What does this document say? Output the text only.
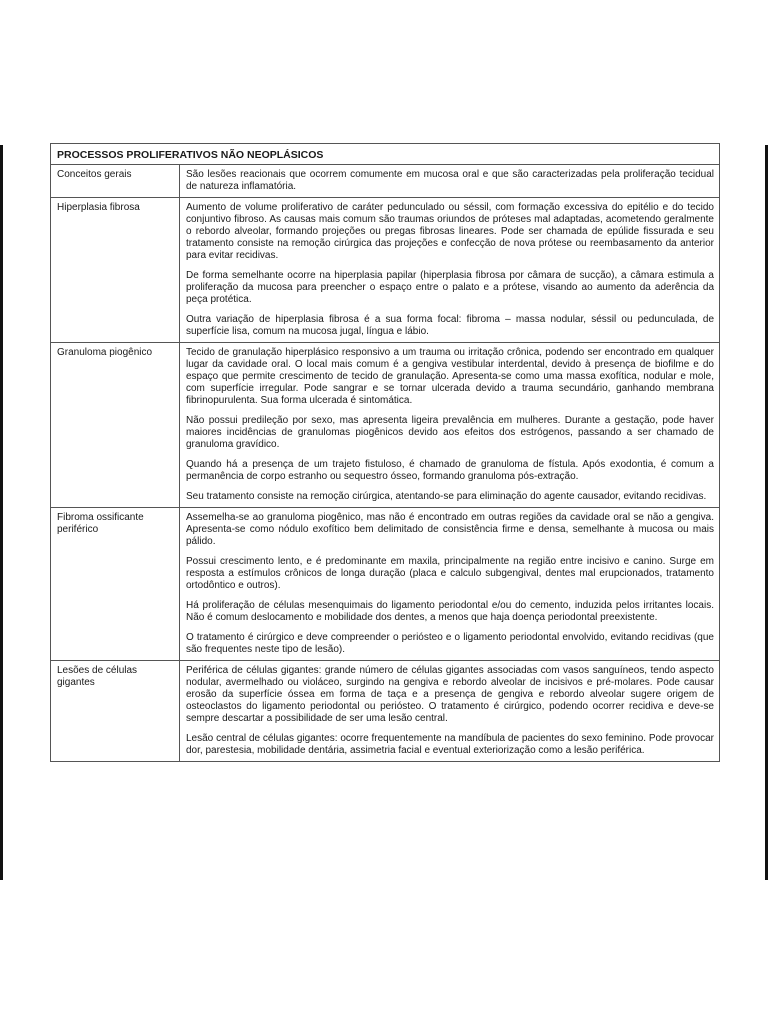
PROCESSOS PROLIFERATIVOS NÃO NEOPLÁSICOS	
Conceitos gerais	São lesões reacionais que ocorrem comumente em mucosa oral e que são caracterizadas pela proliferação tecidual de natureza inflamatória.

Hiperplasia fibrosa	Aumento de volume proliferativo de caráter pedunculado ou séssil, com formação excessiva do epitélio e do tecido conjuntivo fibroso. As causas mais comum são traumas oriundos de próteses mal adaptadas, acometendo geralmente o rebordo alveolar, formando projeções ou pregas fibrosas lineares. Pode ser chamada de epúlide fissurada e seu tratamento consiste na remoção cirúrgica das projeções e confecção de nova prótese ou reembasamento da anterior para evitar recidivas.

De forma semelhante ocorre na hiperplasia papilar (hiperplasia fibrosa por câmara de sucção), a câmara estimula a proliferação da mucosa para preencher o espaço entre o palato e a prótese, visando ao aumento da aderência da peça protética.

Outra variação de hiperplasia fibrosa é a sua forma focal: fibroma – massa nodular, séssil ou pedunculada, de superfície lisa, comum na mucosa jugal, língua e lábio.

Granuloma piogênico	Tecido de granulação hiperplásico responsivo a um trauma ou irritação crônica, podendo ser encontrado em qualquer lugar da cavidade oral. O local mais comum é a gengiva vestibular interdental, devido à presença de biofilme e do espaço que permite crescimento de tecido de granulação. Apresenta-se como uma massa exofítica, nodular e mole, com superfície irregular. Pode sangrar e se tornar ulcerada devido a trauma secundário, ganhando membrana fibrinopurulenta. Sua forma ulcerada é sintomática.

Não possui predileção por sexo, mas apresenta ligeira prevalência em mulheres. Durante a gestação, pode haver maiores incidências de granulomas piogênicos devido aos efeitos dos estrógenos, passando a ser chamado de granuloma gravídico.

Quando há a presença de um trajeto fistuloso, é chamado de granuloma de fístula. Após exodontia, é comum a permanência de corpo estranho ou sequestro ósseo, formando granuloma pós-extração.

Seu tratamento consiste na remoção cirúrgica, atentando-se para eliminação do agente causador, evitando recidivas.

Fibroma ossificante periférico	Assemelha-se ao granuloma piogênico, mas não é encontrado em outras regiões da cavidade oral se não a gengiva. Apresenta-se como nódulo exofítico bem delimitado de consistência firme e densa, semelhante à mucosa ou mais pálido.

Possui crescimento lento, e é predominante em maxila, principalmente na região entre incisivo e canino. Surge em resposta a estímulos crônicos de longa duração (placa e calculo subgengival, dentes mal erupcionados, tratamento ortodôntico e outros).

Há proliferação de células mesenquimais do ligamento periodontal e/ou do cemento, induzida pelos irritantes locais. Não é comum deslocamento e mobilidade dos dentes, a menos que haja doença periodontal preexistente.

O tratamento é cirúrgico e deve compreender o periósteo e o ligamento periodontal envolvido, evitando recidivas (que são frequentes neste tipo de lesão).

Lesões de células gigantes	Periférica de células gigantes: grande número de células gigantes associadas com vasos sanguíneos, tendo aspecto nodular, avermelhado ou violáceo, surgindo na gengiva e rebordo alveolar de incisivos e pré-molares. Pode causar erosão da superfície óssea em forma de taça e a presença de gengiva e rebordo alveolar sugere origem de osteoclastos do ligamento periodontal ou periósteo. O tratamento é cirúrgico, podendo ocorrer recidiva e deve-se sempre descartar a possibilidade de ser uma lesão central.

Lesão central de células gigantes: ocorre frequentemente na mandíbula de pacientes do sexo feminino. Pode provocar dor, parestesia, mobilidade dentária, assimetria facial e eventual exteriorização como a lesão periférica.
